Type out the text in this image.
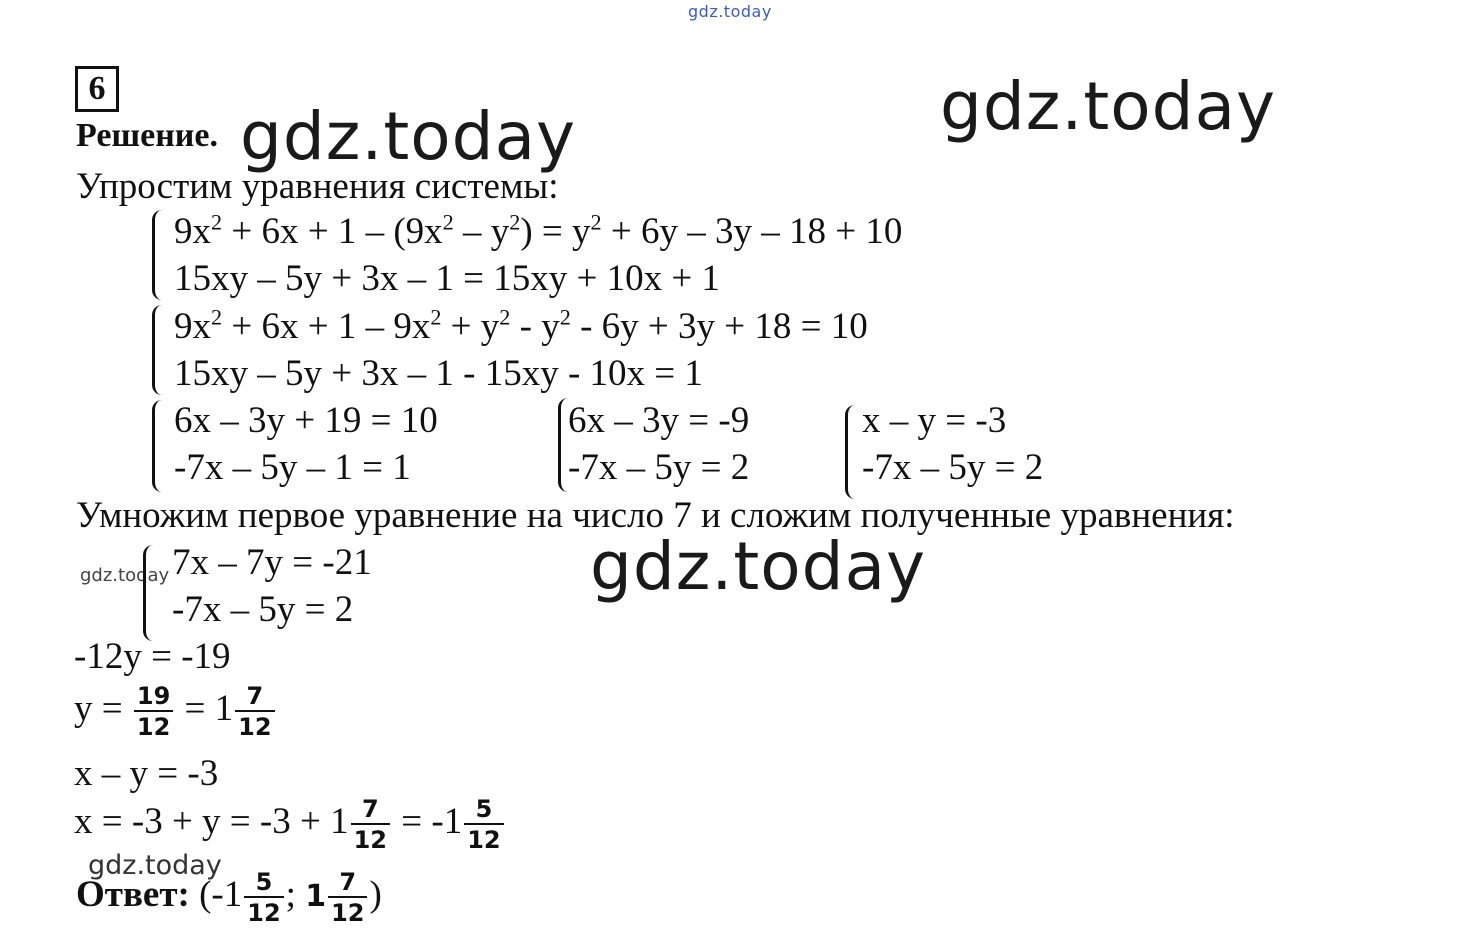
gdz.today
gdz.today
gdz.today
gdz.today
gdz.today
gdz.today
6
Решение.
Упростим уравнения системы:
$9x^2 + 6x + 1 - (9x^2 - y^2) = y^2 + 6y - 3y - 18 + 10$
15xy – 5y + 3x – 1 = 15xy + 10x + 1
$9x^2 + 6x + 1 - 9x^2 + y^2 - y^2 - 6y + 3y + 18 = 10$
15xy – 5y + 3x – 1 - 15xy - 10x = 1
6x – 3y + 19 = 10
-7x – 5y – 1 = 1
6x – 3y = -9
-7x – 5y = 2
x – y = -3
-7x – 5y = 2
Умножим первое уравнение на число 7 и сложим полученные уравнения:
7x – 7y = -21
-7x – 5y = 2
-12y = -19
$y = \frac{19}{12} = 1 \frac{7}{12}$
x – y = -3
$x = -3 + y = -3 + 1 \frac{7}{12} = -1 \frac{5}{12}$
Ответ: ($-1 \frac{5}{12}$ ; $1 \frac{7}{12}$ )
